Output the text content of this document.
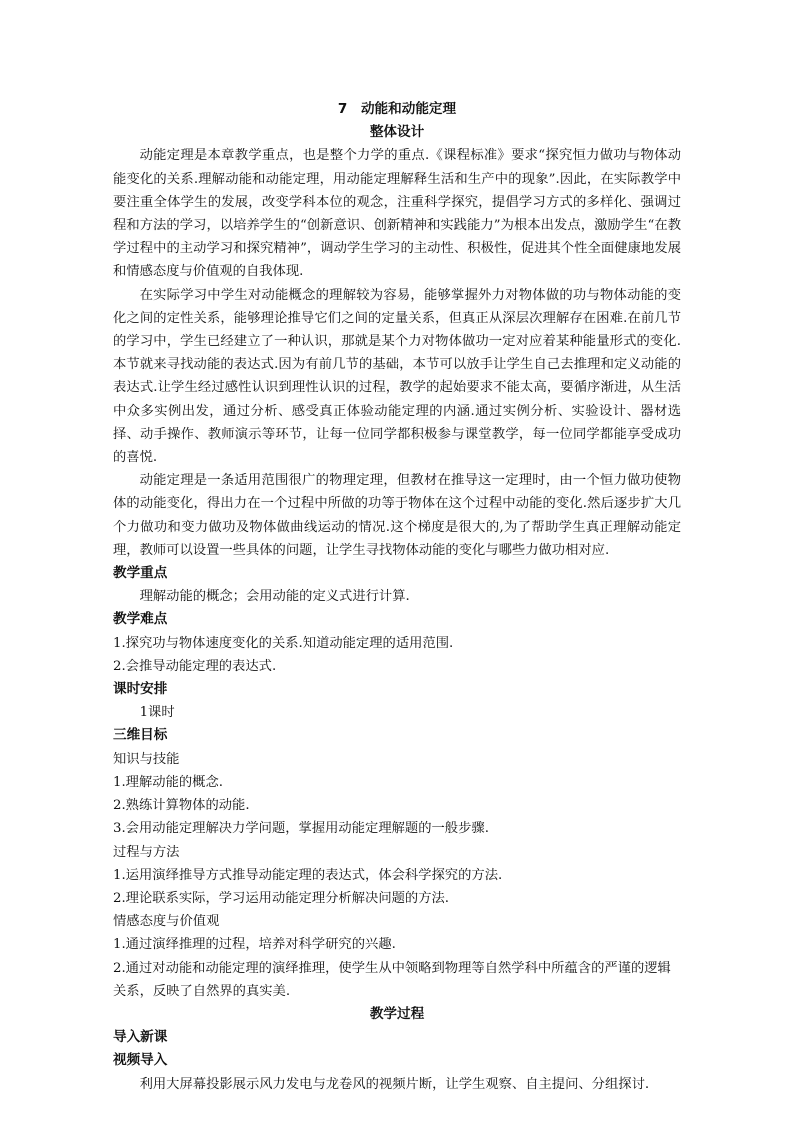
7　动能和动能定理
整体设计

动能定理是本章教学重点，也是整个力学的重点.《课程标准》要求“探究恒力做功与物体动能变化的关系.理解动能和动能定理，用动能定理解释生活和生产中的现象”.因此，在实际教学中要注重全体学生的发展，改变学科本位的观念，注重科学探究，提倡学习方式的多样化、强调过程和方法的学习，以培养学生的“创新意识、创新精神和实践能力”为根本出发点，激励学生“在教学过程中的主动学习和探究精神”，调动学生学习的主动性、积极性，促进其个性全面健康地发展和情感态度与价值观的自我体现.

在实际学习中学生对动能概念的理解较为容易，能够掌握外力对物体做的功与物体动能的变化之间的定性关系，能够理论推导它们之间的定量关系，但真正从深层次理解存在困难.在前几节的学习中，学生已经建立了一种认识，那就是某个力对物体做功一定对应着某种能量形式的变化.本节就来寻找动能的表达式.因为有前几节的基础，本节可以放手让学生自己去推理和定义动能的表达式.让学生经过感性认识到理性认识的过程，教学的起始要求不能太高，要循序渐进，从生活中众多实例出发，通过分析、感受真正体验动能定理的内涵.通过实例分析、实验设计、器材选择、动手操作、教师演示等环节，让每一位同学都积极参与课堂教学，每一位同学都能享受成功的喜悦.

动能定理是一条适用范围很广的物理定理，但教材在推导这一定理时，由一个恒力做功使物体的动能变化，得出力在一个过程中所做的功等于物体在这个过程中动能的变化.然后逐步扩大几个力做功和变力做功及物体做曲线运动的情况.这个梯度是很大的,为了帮助学生真正理解动能定理，教师可以设置一些具体的问题，让学生寻找物体动能的变化与哪些力做功相对应.

教学重点

理解动能的概念；会用动能的定义式进行计算.

教学难点

1.探究功与物体速度变化的关系.知道动能定理的适用范围.

2.会推导动能定理的表达式.

课时安排

1课时

三维目标

知识与技能

1.理解动能的概念.

2.熟练计算物体的动能.

3.会用动能定理解决力学问题，掌握用动能定理解题的一般步骤.

过程与方法

1.运用演绎推导方式推导动能定理的表达式，体会科学探究的方法.

2.理论联系实际，学习运用动能定理分析解决问题的方法.

情感态度与价值观

1.通过演绎推理的过程，培养对科学研究的兴趣.

2.通过对动能和动能定理的演绎推理，使学生从中领略到物理等自然学科中所蕴含的严谨的逻辑关系，反映了自然界的真实美.

教学过程

导入新课

视频导入

利用大屏幕投影展示风力发电与龙卷风的视频片断，让学生观察、自主提问、分组探讨.
